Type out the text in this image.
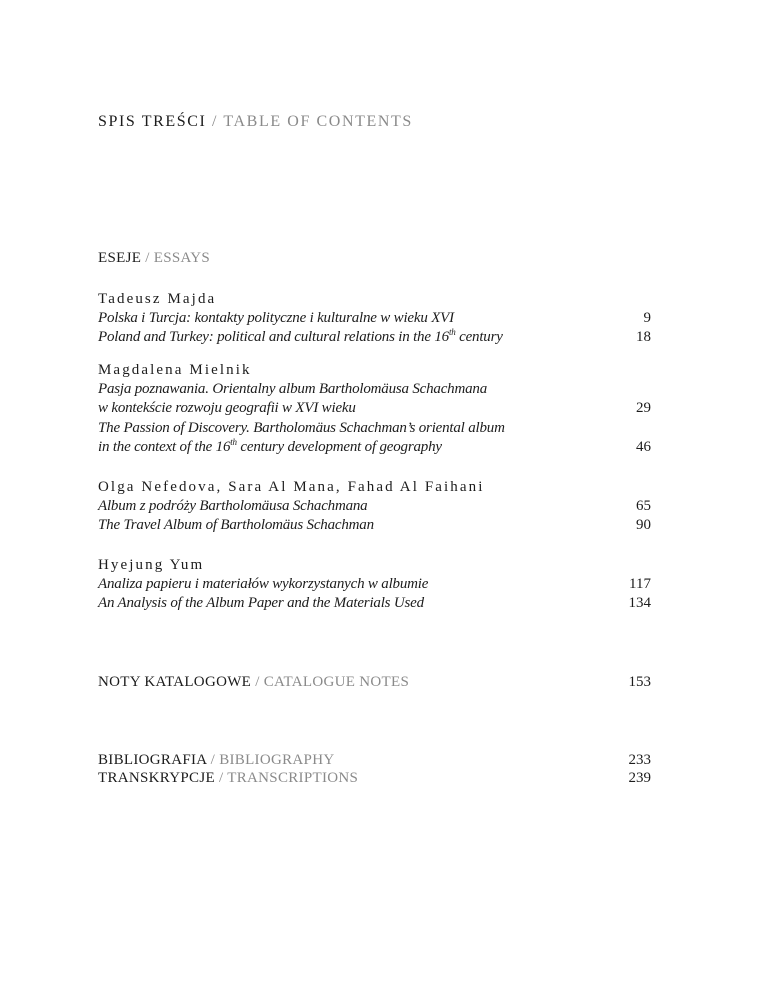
SPIS TREŚCI / TABLE OF CONTENTS
ESEJE / ESSAYS
Tadeusz Majda
Polska i Turcja: kontakty polityczne i kulturalne w wieku XVI	9
Poland and Turkey: political and cultural relations in the 16th century	18
Magdalena Mielnik
Pasja poznawania. Orientalny album Bartholomäusa Schachmana
w kontekście rozwoju geografii w XVI wieku	29
The Passion of Discovery. Bartholomäus Schachman’s oriental album
in the context of the 16th century development of geography	46
Olga Nefedova, Sara Al Mana, Fahad Al Faihani
Album z podróży Bartholomäusa Schachmana	65
The Travel Album of Bartholomäus Schachman	90
Hyejung Yum
Analiza papieru i materiałów wykorzystanych w albumie	117
An Analysis of the Album Paper and the Materials Used	134
NOTY KATALOGOWE / CATALOGUE NOTES	153
BIBLIOGRAFIA / BIBLIOGRAPHY	233
TRANSKRYPCJE / TRANSCRIPTIONS	239
